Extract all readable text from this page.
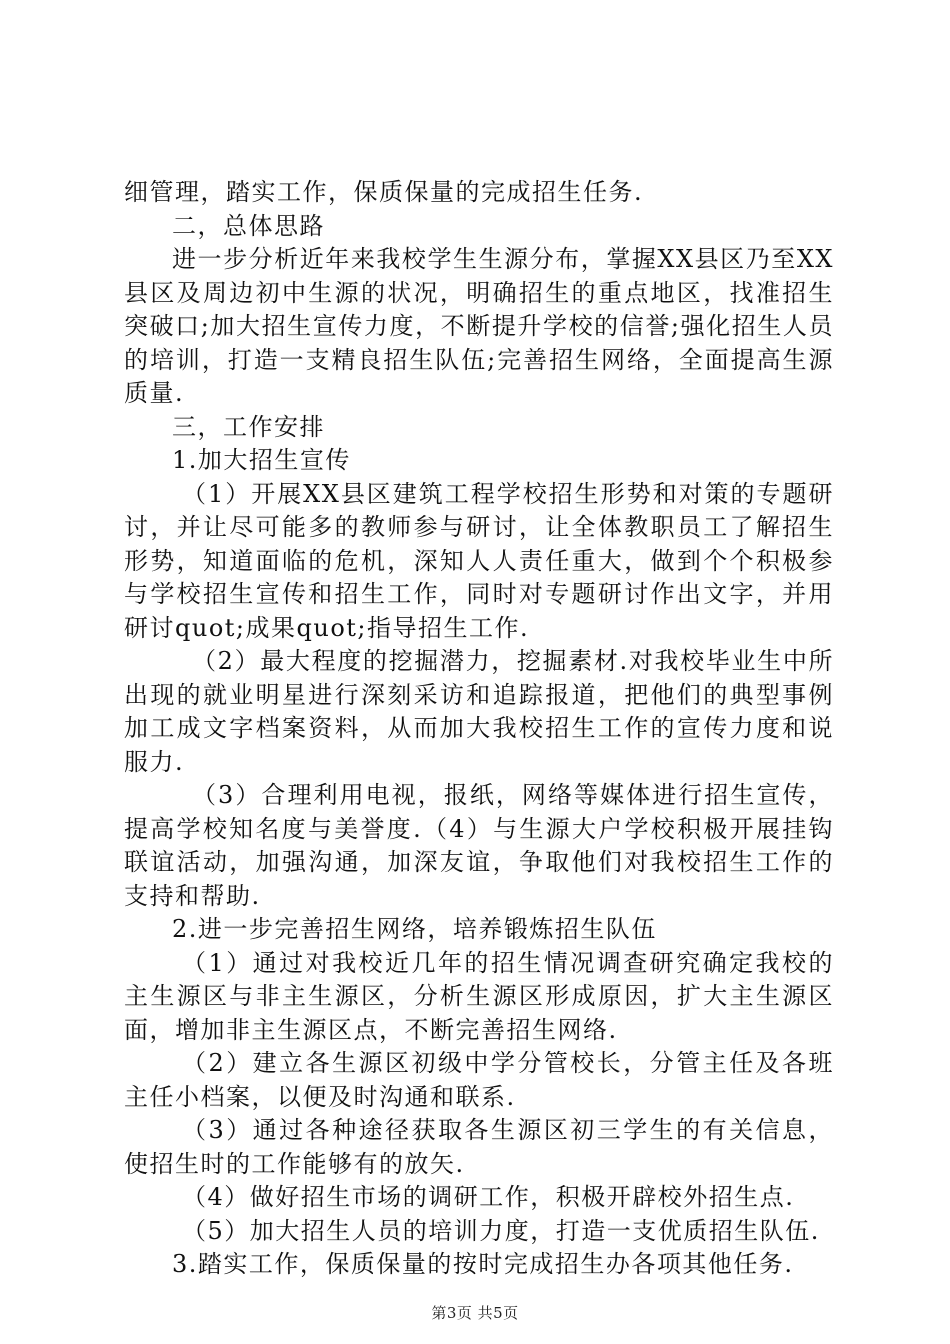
细管理，踏实工作，保质保量的完成招生任务.

二，总体思路

进一步分析近年来我校学生生源分布，掌握XX县区乃至XX县区及周边初中生源的状况，明确招生的重点地区，找准招生突破口;加大招生宣传力度，不断提升学校的信誉;强化招生人员的培训，打造一支精良招生队伍;完善招生网络，全面提高生源质量.

三，工作安排

1.加大招生宣传

（1）开展XX县区建筑工程学校招生形势和对策的专题研讨，并让尽可能多的教师参与研讨，让全体教职员工了解招生形势，知道面临的危机，深知人人责任重大，做到个个积极参与学校招生宣传和招生工作，同时对专题研讨作出文字，并用研讨quot;成果quot;指导招生工作.

（2）最大程度的挖掘潜力，挖掘素材.对我校毕业生中所出现的就业明星进行深刻采访和追踪报道，把他们的典型事例加工成文字档案资料，从而加大我校招生工作的宣传力度和说服力.

（3）合理利用电视，报纸，网络等媒体进行招生宣传，提高学校知名度与美誉度.（4）与生源大户学校积极开展挂钩联谊活动，加强沟通，加深友谊，争取他们对我校招生工作的支持和帮助.

2.进一步完善招生网络，培养锻炼招生队伍

（1）通过对我校近几年的招生情况调查研究确定我校的主生源区与非主生源区，分析生源区形成原因，扩大主生源区面，增加非主生源区点，不断完善招生网络.

（2）建立各生源区初级中学分管校长，分管主任及各班主任小档案，以便及时沟通和联系.

（3）通过各种途径获取各生源区初三学生的有关信息，使招生时的工作能够有的放矢.

（4）做好招生市场的调研工作，积极开辟校外招生点.

（5）加大招生人员的培训力度，打造一支优质招生队伍.

3.踏实工作，保质保量的按时完成招生办各项其他任务.

第3页 共5页
